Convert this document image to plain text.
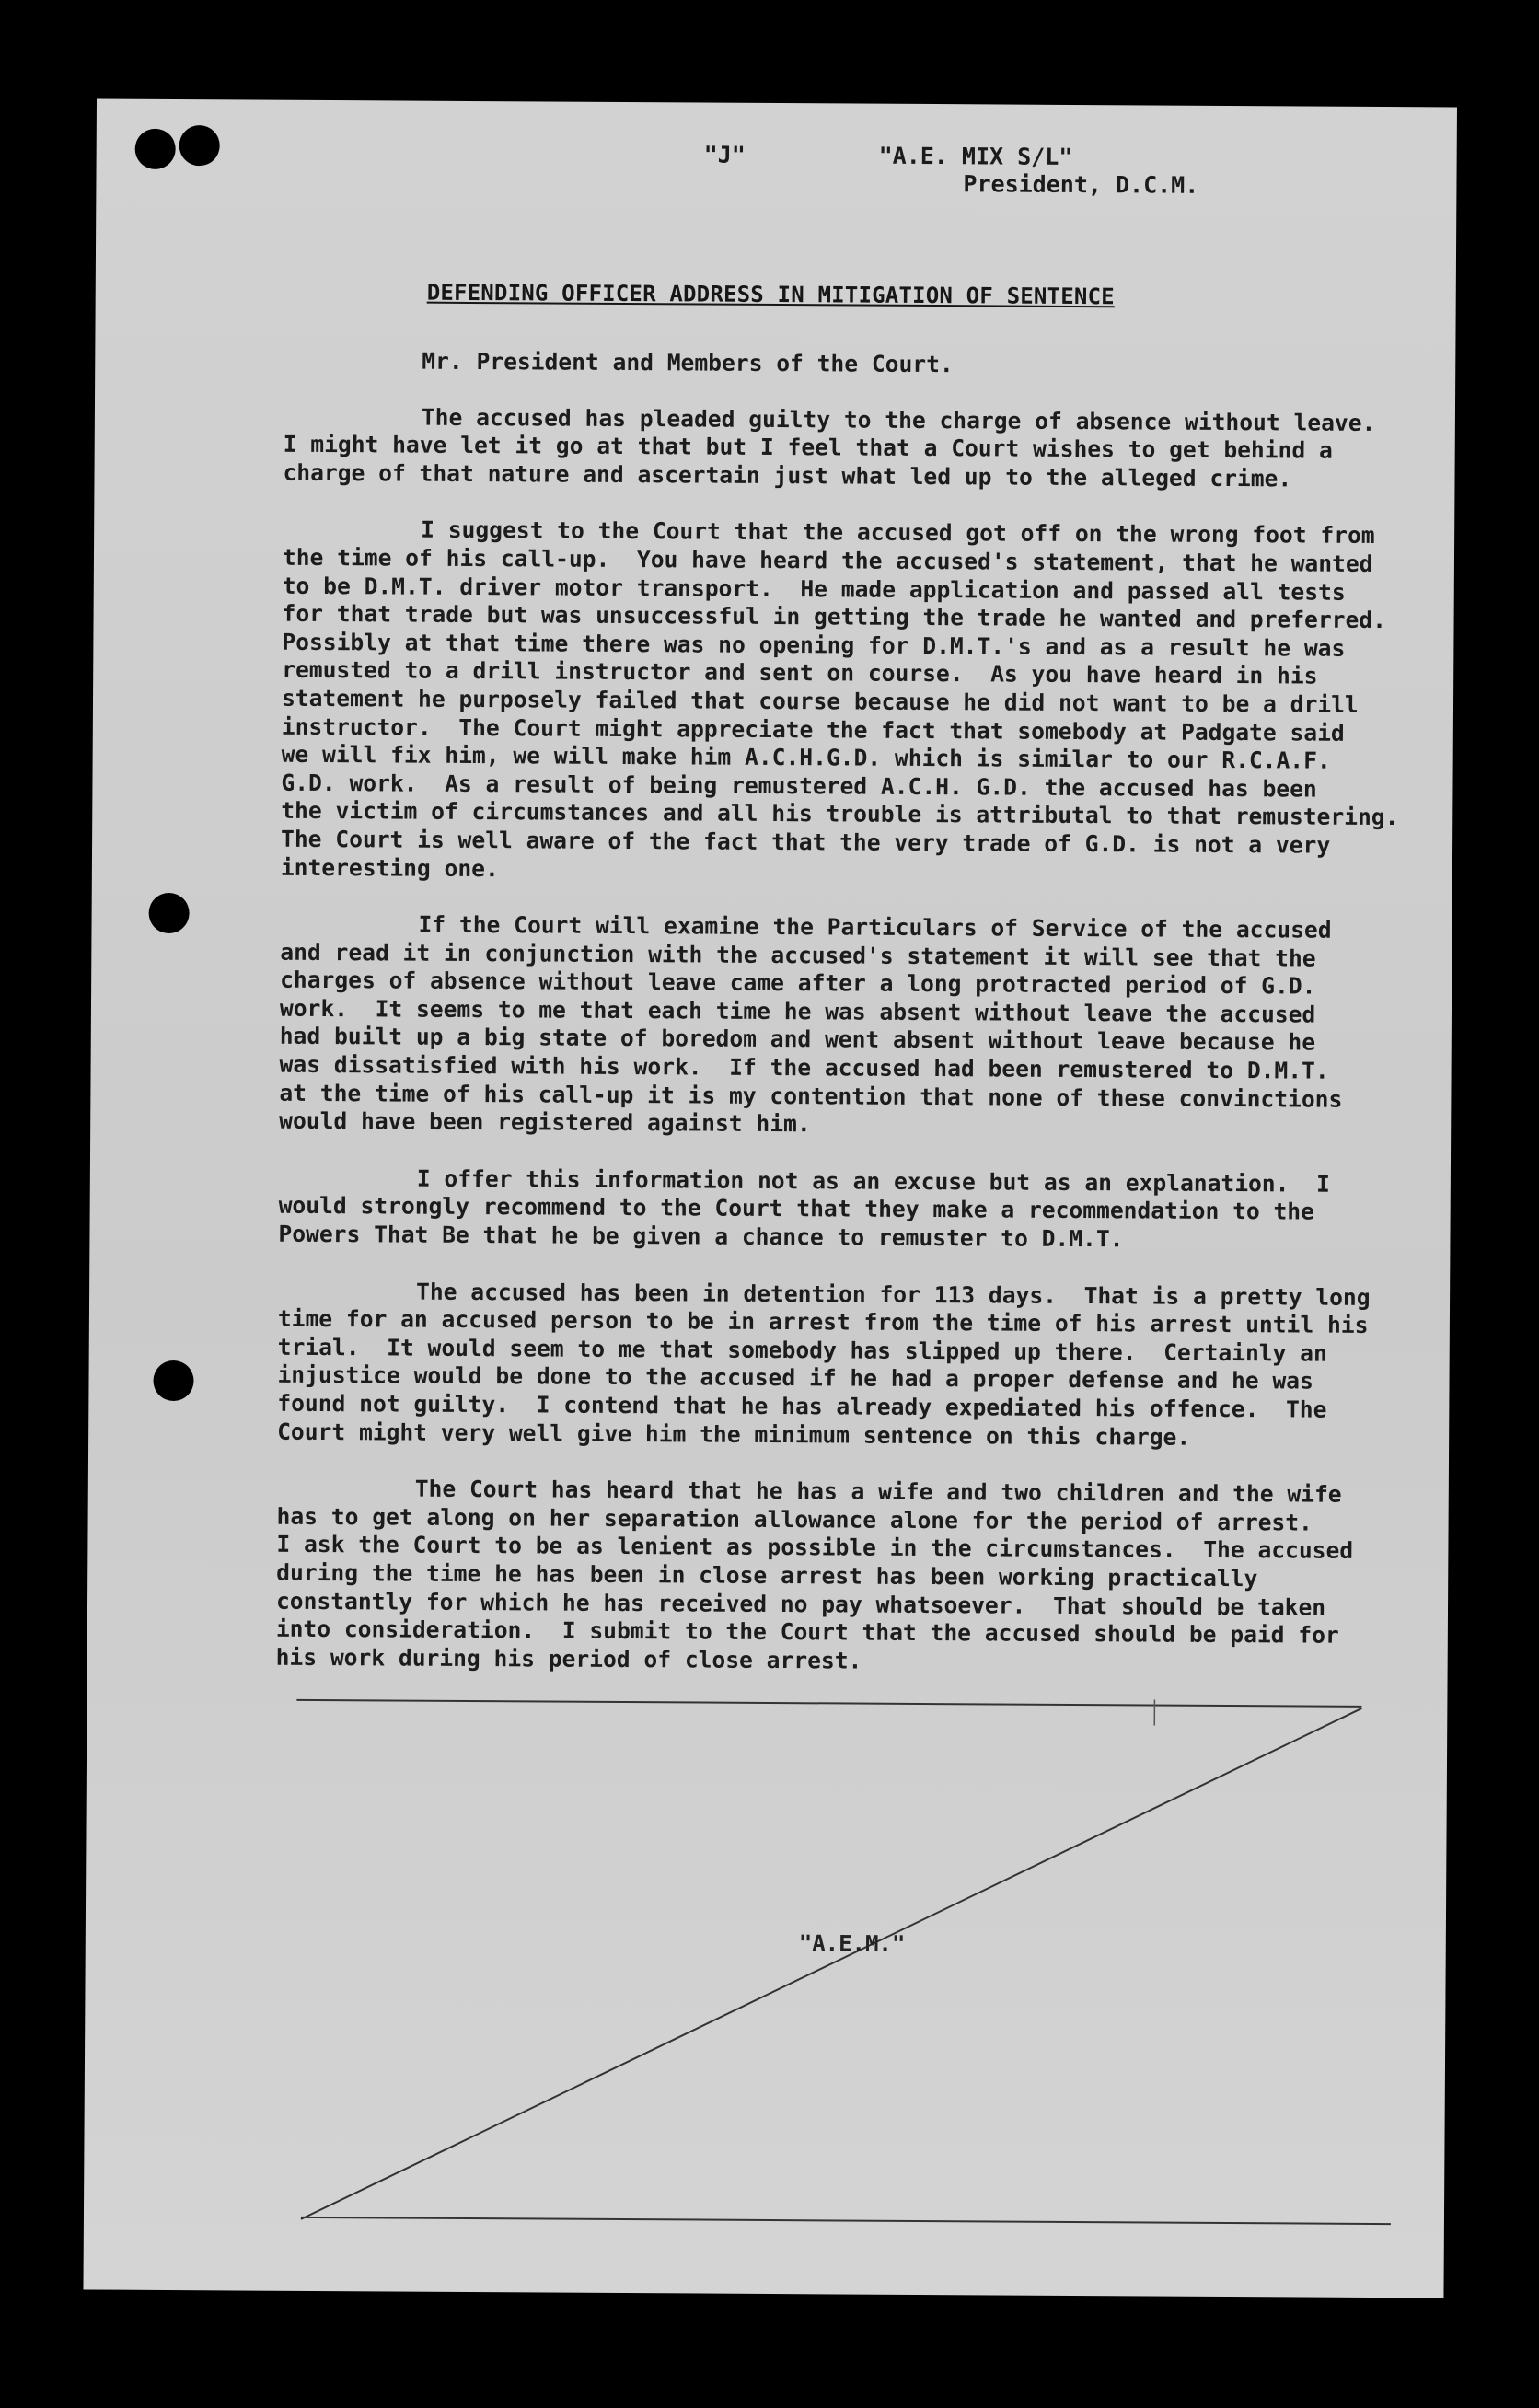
"J"	"A.E. MIX S/L"
President, D.C.M.
DEFENDING OFFICER ADDRESS IN MITIGATION OF SENTENCE
Mr. President and Members of the Court.
The accused has pleaded guilty to the charge of absence without leave.
I might have let it go at that but I feel that a Court wishes to get behind a
charge of that nature and ascertain just what led up to the alleged crime.
I suggest to the Court that the accused got off on the wrong foot from
the time of his call-up.  You have heard the accused's statement, that he wanted
to be D.M.T. driver motor transport.  He made application and passed all tests
for that trade but was unsuccessful in getting the trade he wanted and preferred.
Possibly at that time there was no opening for D.M.T.'s and as a result he was
remusted to a drill instructor and sent on course.  As you have heard in his
statement he purposely failed that course because he did not want to be a drill
instructor.  The Court might appreciate the fact that somebody at Padgate said
we will fix him, we will make him A.C.H.G.D. which is similar to our R.C.A.F.
G.D. work.  As a result of being remustered A.C.H. G.D. the accused has been
the victim of circumstances and all his trouble is attributal to that remustering.
The Court is well aware of the fact that the very trade of G.D. is not a very
interesting one.
If the Court will examine the Particulars of Service of the accused
and read it in conjunction with the accused's statement it will see that the
charges of absence without leave came after a long protracted period of G.D.
work.  It seems to me that each time he was absent without leave the accused
had built up a big state of boredom and went absent without leave because he
was dissatisfied with his work.  If the accused had been remustered to D.M.T.
at the time of his call-up it is my contention that none of these convinctions
would have been registered against him.
I offer this information not as an excuse but as an explanation.  I
would strongly recommend to the Court that they make a recommendation to the
Powers That Be that he be given a chance to remuster to D.M.T.
The accused has been in detention for 113 days.  That is a pretty long
time for an accused person to be in arrest from the time of his arrest until his
trial.  It would seem to me that somebody has slipped up there.  Certainly an
injustice would be done to the accused if he had a proper defense and he was
found not guilty.  I contend that he has already expediated his offence.  The
Court might very well give him the minimum sentence on this charge.
The Court has heard that he has a wife and two children and the wife
has to get along on her separation allowance alone for the period of arrest.
I ask the Court to be as lenient as possible in the circumstances.  The accused
during the time he has been in close arrest has been working practically
constantly for which he has received no pay whatsoever.  That should be taken
into consideration.  I submit to the Court that the accused should be paid for
his work during his period of close arrest.
"A.E.M."
